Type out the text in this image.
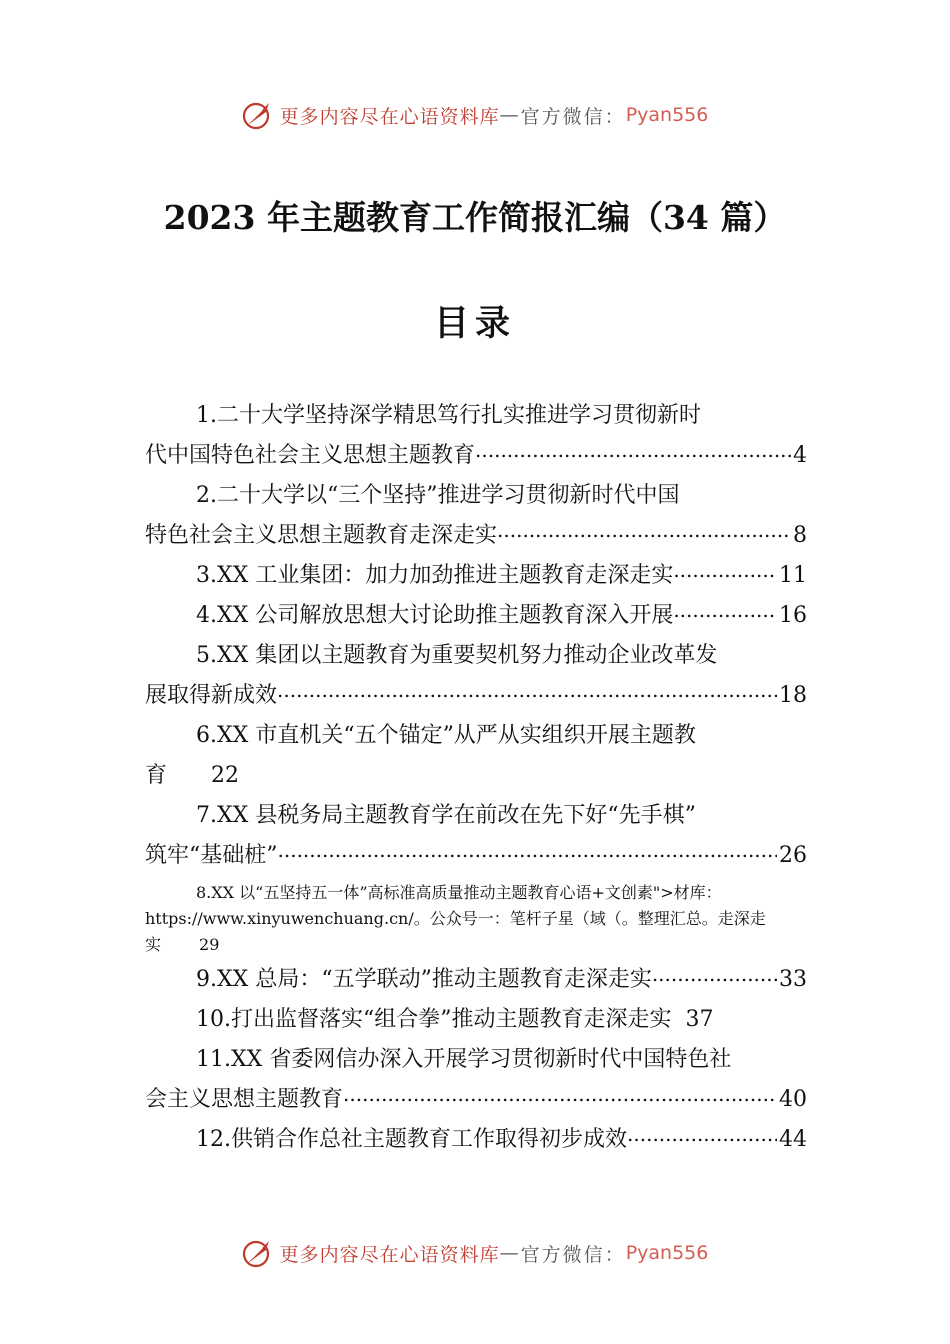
更多内容尽在心语资料库 — 官方微信： Pyan556
2023 年主题教育工作简报汇编（34 篇）
目录
1. 二十大学坚持深学精思笃行扎实推进学习贯彻新时
代中国特色社会主义思想主题教育 .....	4
2. 二十大学以“三个坚持”推进学习贯彻新时代中国
特色社会主义思想主题教育走深走实 .....	8
3. XX 工业集团：加力加劲推进主题教育走深走实 .....	11
4. XX 公司解放思想大讨论助推主题教育深入开展 .....	16
5. XX 集团以主题教育为重要契机努力推动企业改革发
展取得新成效 .....	18
6. XX 市直机关“五个锚定”从严从实组织开展主题教
育 22
7. XX 县税务局主题教育学在前改在先下好“先手棋”
筑牢“基础桩” .....	26
8. XX 以“五坚持五一体”高标准高质量推动主题教育心语+文创素">材库：
https://www.xinyuwenchuang.cn/。公众号一：笔杆子星（域（。整理汇总。走深走
实	29
9. XX 总局：“五学联动”推动主题教育走深走实 .....	33
10. 打出监督落实“组合拳”推动主题教育走深走实 37
11. XX 省委网信办深入开展学习贯彻新时代中国特色社
会主义思想主题教育 .....	40
12. 供销合作总社主题教育工作取得初步成效 .....	44
更多内容尽在心语资料库 — 官方微信： Pyan556
